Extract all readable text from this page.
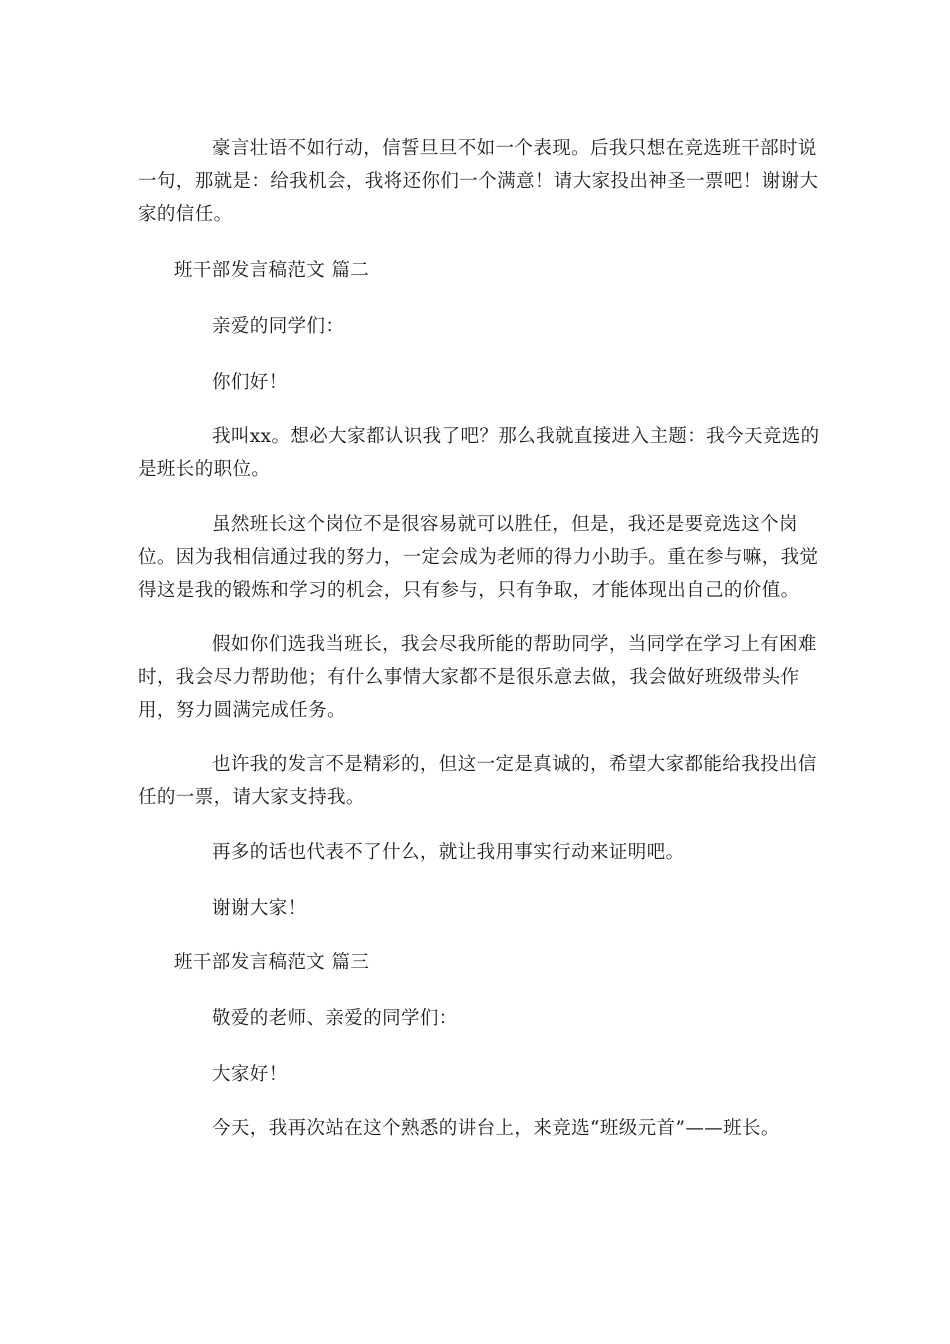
豪言壮语不如行动，信誓旦旦不如一个表现。后我只想在竞选班干部时说一句，那就是：给我机会，我将还你们一个满意！请大家投出神圣一票吧！谢谢大家的信任。

班干部发言稿范文 篇二

亲爱的同学们：

你们好！

我叫xx。想必大家都认识我了吧？那么我就直接进入主题：我今天竞选的是班长的职位。

虽然班长这个岗位不是很容易就可以胜任，但是，我还是要竞选这个岗位。因为我相信通过我的努力，一定会成为老师的得力小助手。重在参与嘛，我觉得这是我的锻炼和学习的机会，只有参与，只有争取，才能体现出自己的价值。

假如你们选我当班长，我会尽我所能的帮助同学，当同学在学习上有困难时，我会尽力帮助他；有什么事情大家都不是很乐意去做，我会做好班级带头作用，努力圆满完成任务。

也许我的发言不是精彩的，但这一定是真诚的，希望大家都能给我投出信任的一票，请大家支持我。

再多的话也代表不了什么，就让我用事实行动来证明吧。

谢谢大家！

班干部发言稿范文 篇三

敬爱的老师、亲爱的同学们：

大家好！

今天，我再次站在这个熟悉的讲台上，来竞选“班级元首”——班长。
